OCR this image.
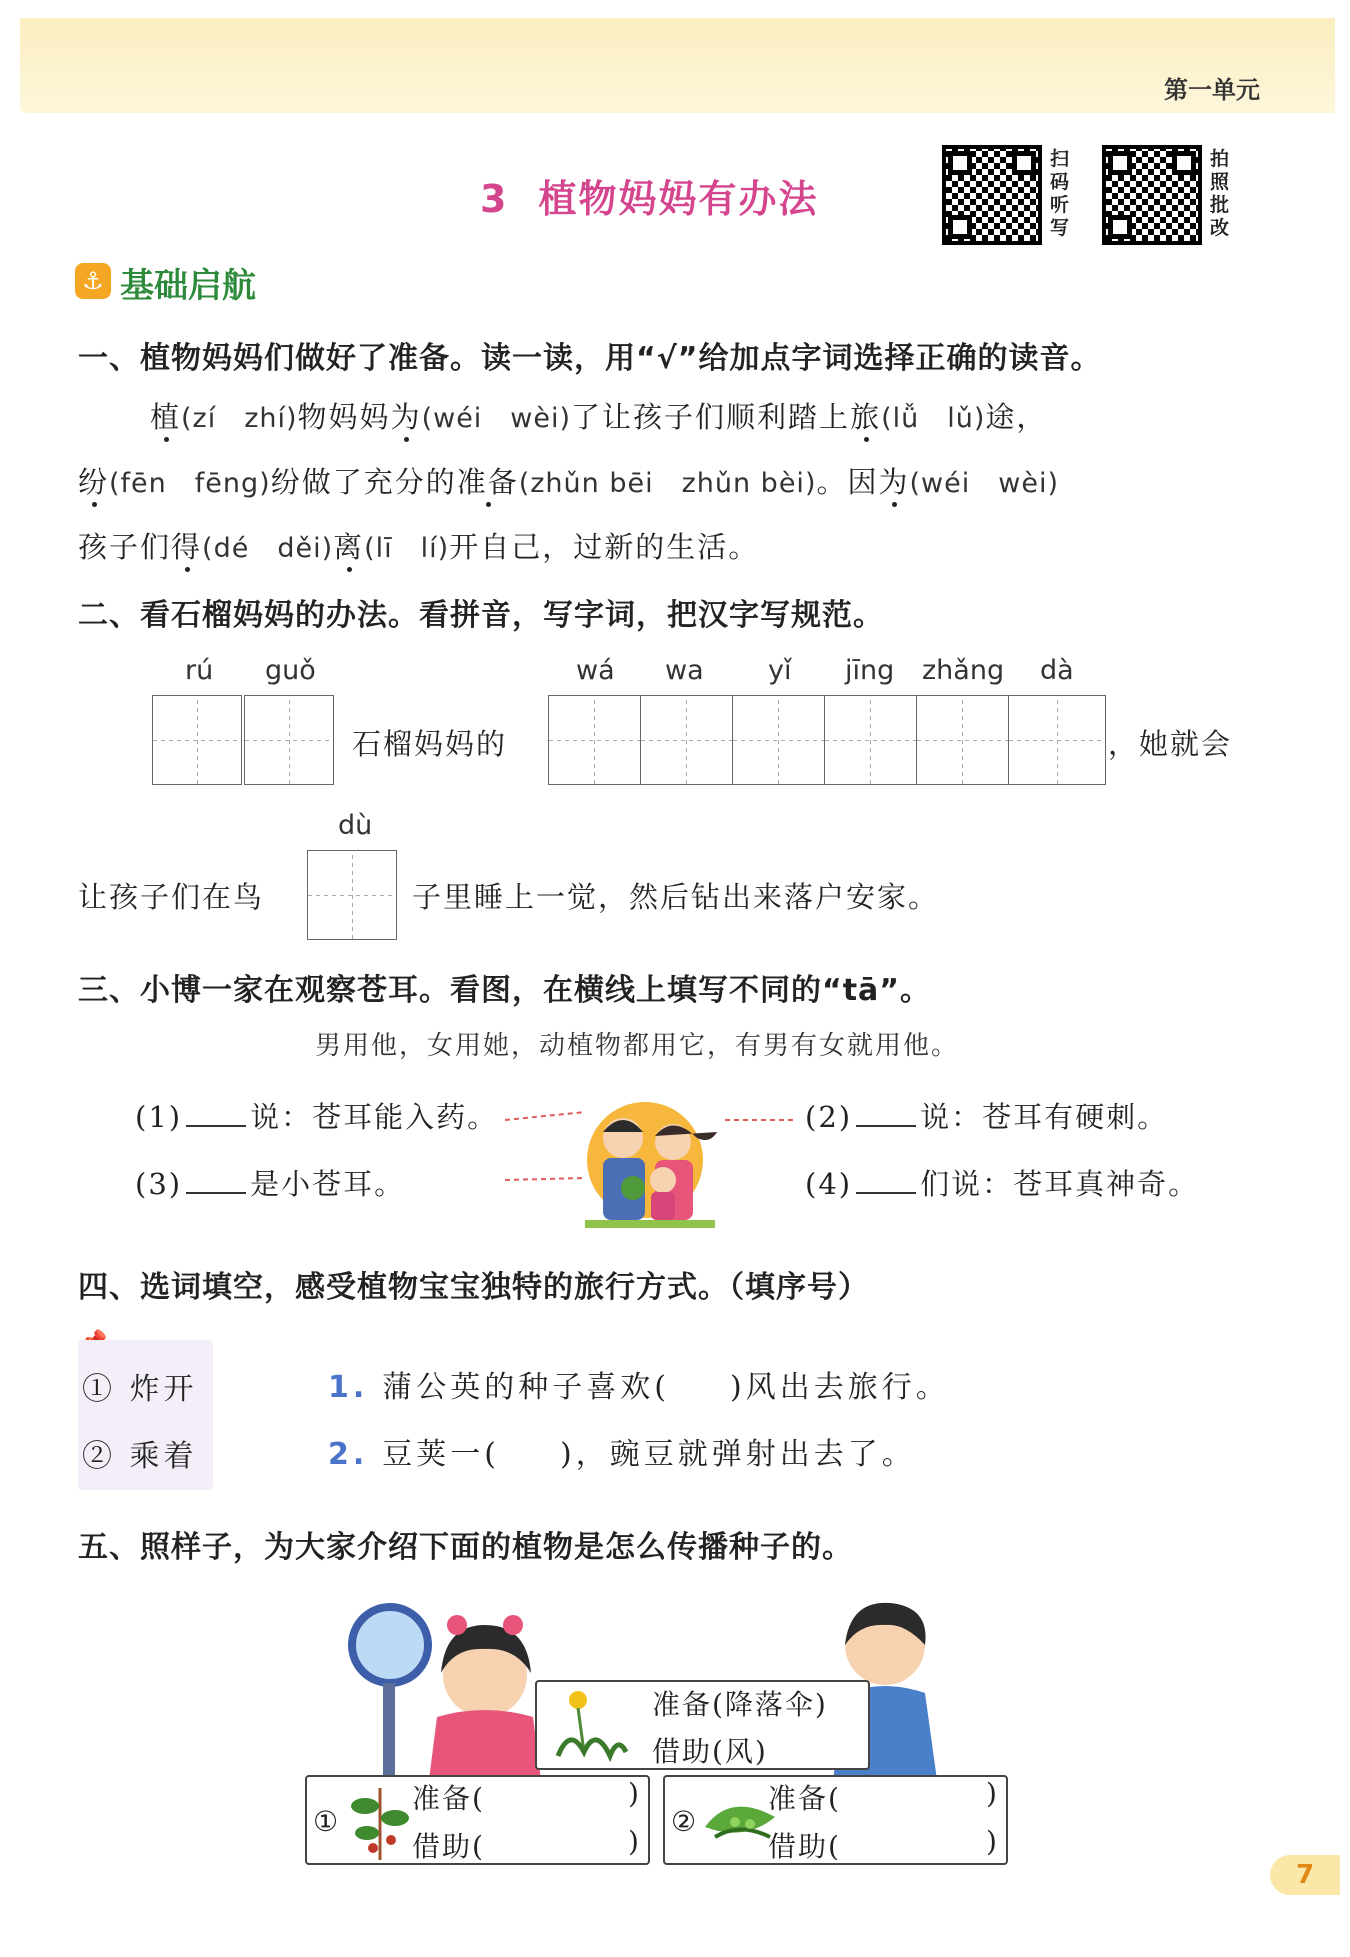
第一单元
3 植物妈妈有办法
扫码听写
拍照批改
⚓ 基础启航
一、植物妈妈们做好了准备。读一读，用“√”给加点字词选择正确的读音。
植(zí　zhí)物妈妈为(wéi　wèi)了让孩子们顺利踏上旅(lǚ　lǔ)途，
纷(fēn　fēng)纷做了充分的准备(zhǔn bēi　zhǔn bèi)。因为(wéi　wèi)
孩子们得(dé　děi)离(lī　lí)开自己，过新的生活。
二、看石榴妈妈的办法。看拼音，写字词，把汉字写规范。
rú guǒ
石榴妈妈的
wá wa yǐ jīng zhǎng dà
，她就会
dù
让孩子们在鸟	子里睡上一觉，然后钻出来落户安家。
三、小博一家在观察苍耳。看图，在横线上填写不同的“tā”。
男用他，女用她，动植物都用它，有男有女就用他。
(1) 说：苍耳能入药。
(3) 是小苍耳。
(2) 说：苍耳有硬刺。
(4) 们说：苍耳真神奇。
四、选词填空，感受植物宝宝独特的旅行方式。（填序号）
① 炸开
② 乘着
1. 蒲公英的种子喜欢( )风出去旅行。
2. 豆荚一( )，豌豆就弹射出去了。
五、照样子，为大家介绍下面的植物是怎么传播种子的。
准备(降落伞)
借助(风)
①
准备(
借助(
)
)
②
准备(
借助(
)
)
7
